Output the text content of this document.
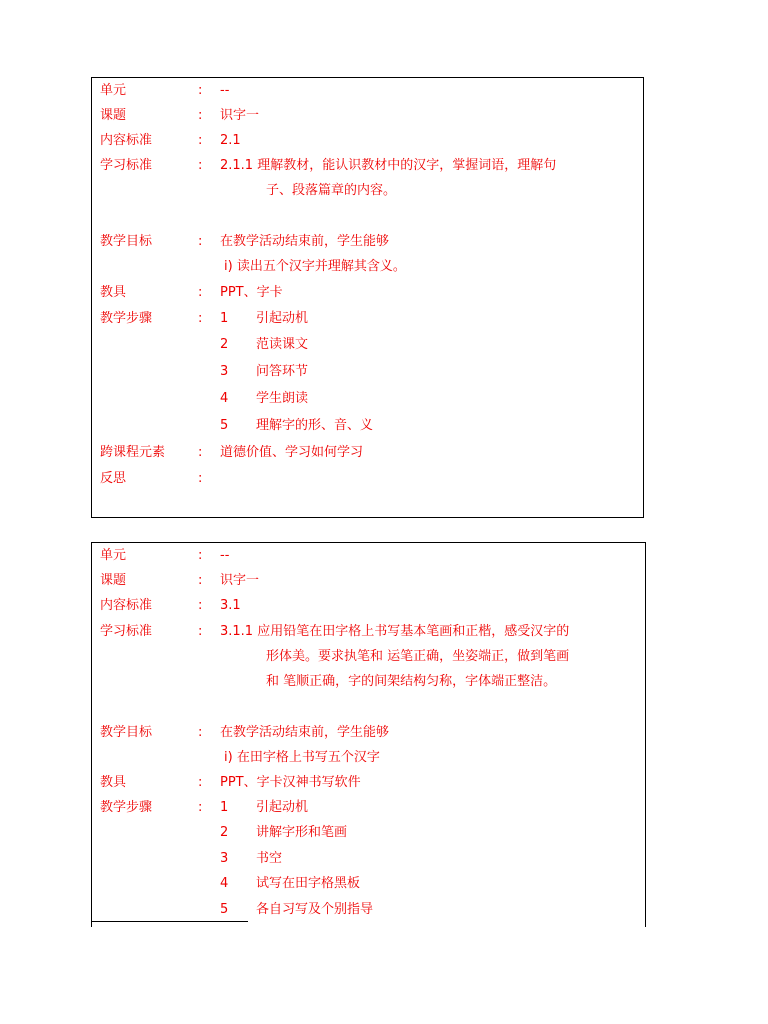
单元	: --
课题	: 识字一
内容标准	: 2.1
学习标准	: 2.1.1 理解教材，能认识教材中的汉字，掌握词语，理解句
子、段落篇章的内容。
教学目标	: 在教学活动结束前，学生能够
i) 读出五个汉字并理解其含义。
教具	: PPT、字卡
教学步骤	: 1 引起动机
2 范读课文
3 问答环节
4 学生朗读
5 理解字的形、音、义
跨课程元素	: 道德价值、学习如何学习
反思	:
单元	: --
课题	: 识字一
内容标准	: 3.1
学习标准	: 3.1.1 应用铅笔在田字格上书写基本笔画和正楷，感受汉字的
形体美。要求执笔和 运笔正确，坐姿端正，做到笔画
和 笔顺正确，字的间架结构匀称，字体端正整洁。
教学目标	: 在教学活动结束前，学生能够
i) 在田字格上书写五个汉字
教具	: PPT、字卡汉神书写软件
教学步骤	: 1 引起动机
2 讲解字形和笔画
3 书空
4 试写在田字格黑板
5 各自习写及个别指导
